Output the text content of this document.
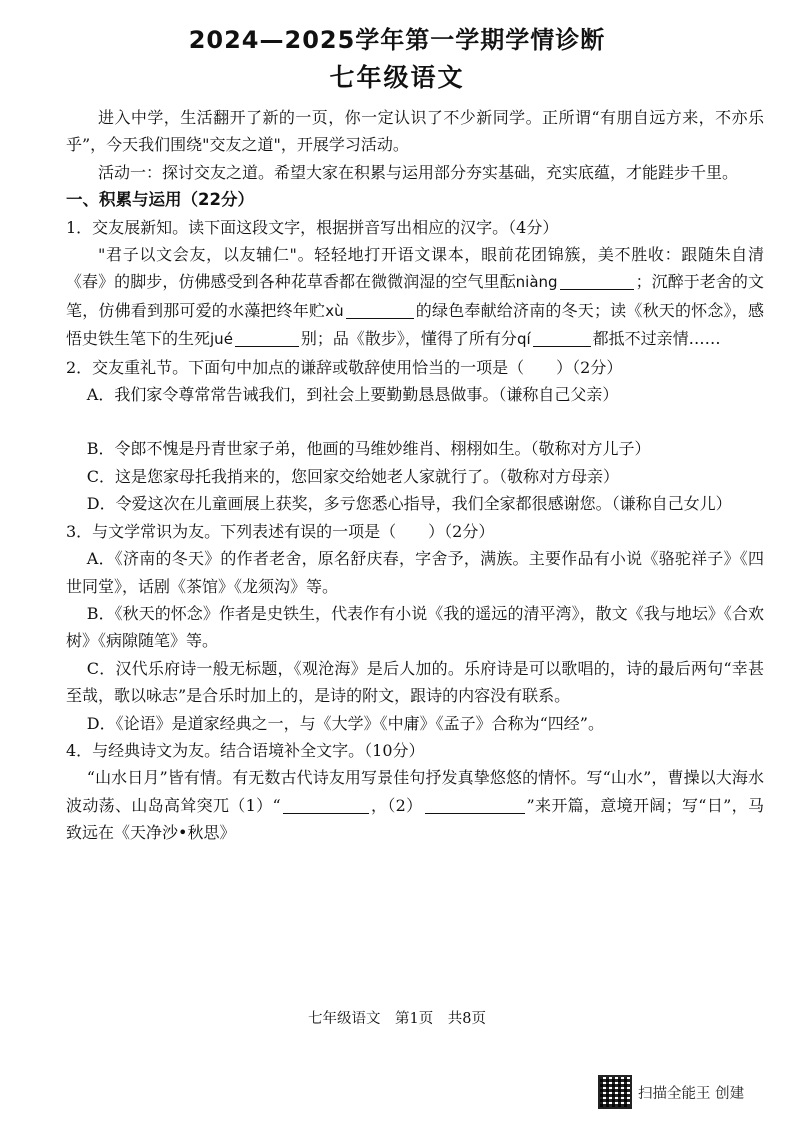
2024—2025学年第一学期学情诊断
七年级语文

进入中学，生活翻开了新的一页，你一定认识了不少新同学。正所谓“有朋自远方来，不亦乐乎”，今天我们围绕"交友之道"，开展学习活动。

活动一：探讨交友之道。希望大家在积累与运用部分夯实基础，充实底蕴，才能跬步千里。

一、积累与运用（22分）

1．交友展新知。读下面这段文字，根据拼音写出相应的汉字。（4分）

"君子以文会友，以友辅仁"。轻轻地打开语文课本，眼前花团锦簇，美不胜收：跟随朱自清《春》的脚步，仿佛感受到各种花草香都在微微润湿的空气里酝niàng	；沉醉于老舍的文笔，仿佛看到那可爱的水藻把终年贮xù	的绿色奉献给济南的冬天；读《秋天的怀念》，感悟史铁生笔下的生死jué	别；品《散步》，懂得了所有分qí	都抵不过亲情……

2．交友重礼节。下面句中加点的谦辞或敬辞使用恰当的一项是（　　）（2分）

A．我们家令尊常常告诫我们，到社会上要勤勤恳恳做事。（谦称自己父亲）

B．令郎不愧是丹青世家子弟，他画的马维妙维肖、栩栩如生。（敬称对方儿子）

C．这是您家母托我捎来的，您回家交给她老人家就行了。（敬称对方母亲）

D．令爱这次在儿童画展上获奖，多亏您悉心指导，我们全家都很感谢您。（谦称自己女儿）

3．与文学常识为友。下列表述有误的一项是（　　）（2分）

A．《济南的冬天》的作者老舍，原名舒庆春，字舍予，满族。主要作品有小说《骆驼祥子》《四世同堂》，话剧《茶馆》《龙须沟》等。

B．《秋天的怀念》作者是史铁生，代表作有小说《我的遥远的清平湾》，散文《我与地坛》《合欢树》《病隙随笔》等。

C．汉代乐府诗一般无标题，《观沧海》是后人加的。乐府诗是可以歌唱的，诗的最后两句“幸甚至哉，歌以咏志”是合乐时加上的，是诗的附文，跟诗的内容没有联系。

D．《论语》是道家经典之一，与《大学》《中庸》《孟子》合称为“四经”。

4．与经典诗文为友。结合语境补全文字。（10分）

“山水日月”皆有情。有无数古代诗友用写景佳句抒发真挚悠悠的情怀。写“山水”，曹操以大海水波动荡、山岛高耸突兀（1）“	，（2）	”来开篇，意境开阔；写“日”，马致远在《天净沙•秋思》

七年级语文　第1页　共8页
扫描全能王 创建
